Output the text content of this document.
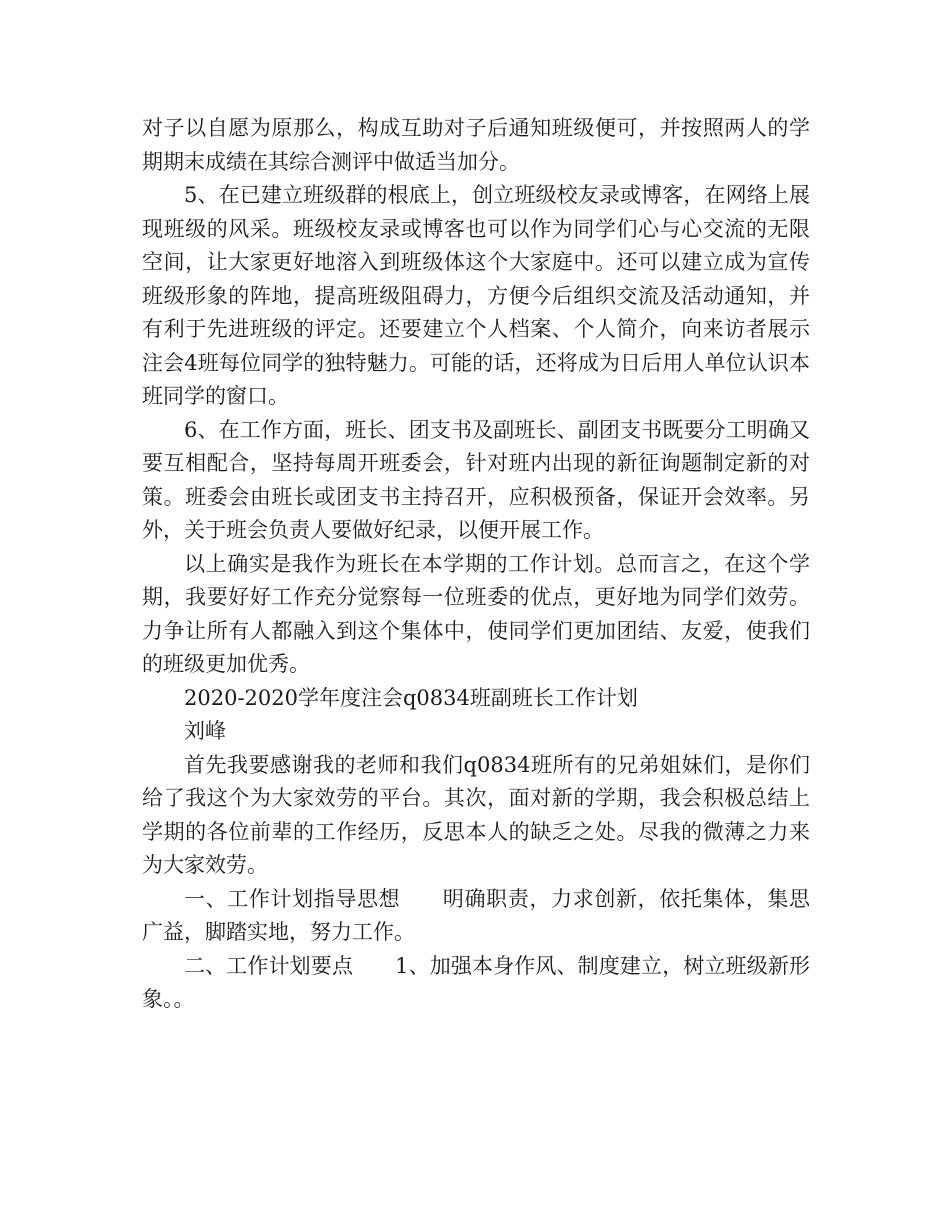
对子以自愿为原那么，构成互助对子后通知班级便可，并按照两人的学期期末成绩在其综合测评中做适当加分。

5、在已建立班级群的根底上，创立班级校友录或博客，在网络上展现班级的风采。班级校友录或博客也可以作为同学们心与心交流的无限空间，让大家更好地溶入到班级体这个大家庭中。还可以建立成为宣传班级形象的阵地，提高班级阻碍力，方便今后组织交流及活动通知，并有利于先进班级的评定。还要建立个人档案、个人简介，向来访者展示注会4班每位同学的独特魅力。可能的话，还将成为日后用人单位认识本班同学的窗口。

6、在工作方面，班长、团支书及副班长、副团支书既要分工明确又要互相配合，坚持每周开班委会，针对班内出现的新征询题制定新的对策。班委会由班长或团支书主持召开，应积极预备，保证开会效率。另外，关于班会负责人要做好纪录，以便开展工作。

以上确实是我作为班长在本学期的工作计划。总而言之，在这个学期，我要好好工作充分觉察每一位班委的优点，更好地为同学们效劳。力争让所有人都融入到这个集体中，使同学们更加团结、友爱，使我们的班级更加优秀。

2020-2020学年度注会q0834班副班长工作计划

刘峰

首先我要感谢我的老师和我们q0834班所有的兄弟姐妹们，是你们给了我这个为大家效劳的平台。其次，面对新的学期，我会积极总结上学期的各位前辈的工作经历，反思本人的缺乏之处。尽我的微薄之力来为大家效劳。

一、工作计划指导思想 明确职责，力求创新，依托集体，集思广益，脚踏实地，努力工作。

二、工作计划要点 1、加强本身作风、制度建立，树立班级新形象。。
